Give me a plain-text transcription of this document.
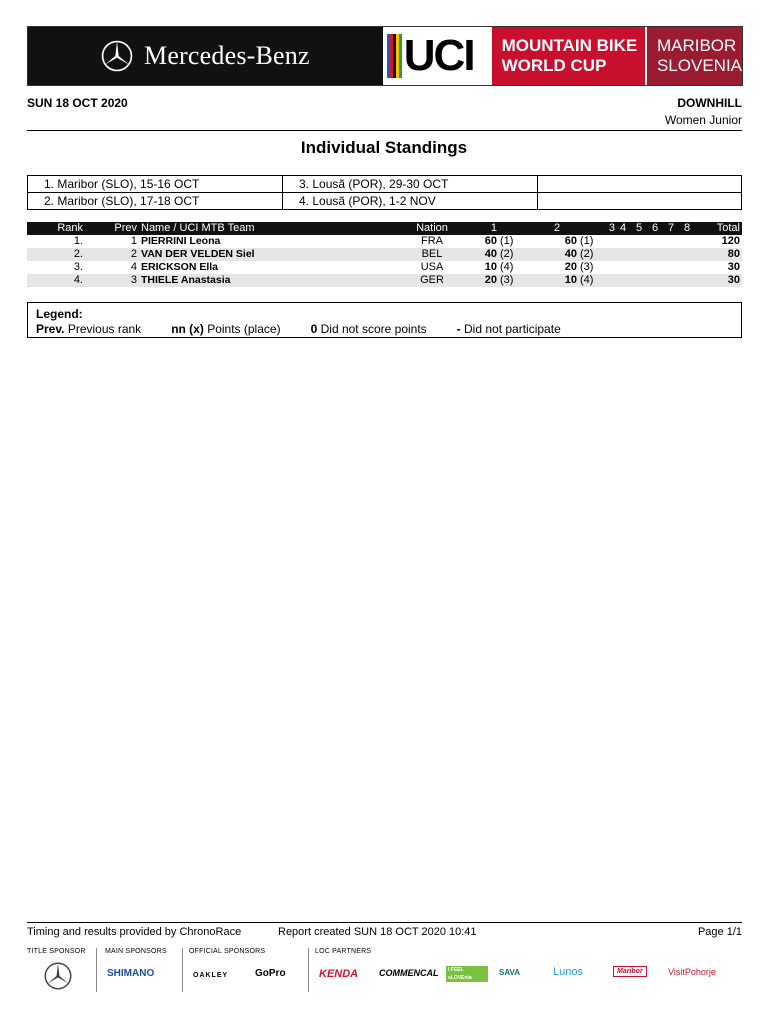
Mercedes-Benz UCI MOUNTAIN BIKE
WORLD CUP
MARIBOR
SLOVENIA
SUN 18 OCT 2020	DOWNHILL
Women Junior
Individual Standings
1. Maribor (SLO), 15-16 OCT	3. Lousã (POR), 29-30 OCT	
2. Maribor (SLO), 17-18 OCT	4. Lousã (POR), 1-2 NOV	
Rank	Prev Name / UCI MTB Team	Nation	1	2	3 4 5 6 7 8	Total
1.	1 PIERRINI Leona	FRA	60 (1)	60 (1)	120
2.	2 VAN DER VELDEN Siel	BEL	40 (2)	40 (2)	80
3.	4 ERICKSON Ella	USA	10 (4)	20 (3)	30
4.	3 THIELE Anastasia	GER	20 (3)	10 (4)	30
Legend:
Prev. Previous rank	nn (x) Points (place)	0 Did not score points	- Did not participate
Timing and results provided by ChronoRace	Report created SUN 18 OCT 2020 10:41	Page 1/1
TITLE SPONSOR	MAIN SPONSORS
SHIMANO
OFFICIAL SPONSORS
OAKLEY	GoPro
LOC PARTNERS
KENDA COMMENCAL	I FEEL sLOVEnia
SAVA	Lunos	Maribor	VisitPohorje
